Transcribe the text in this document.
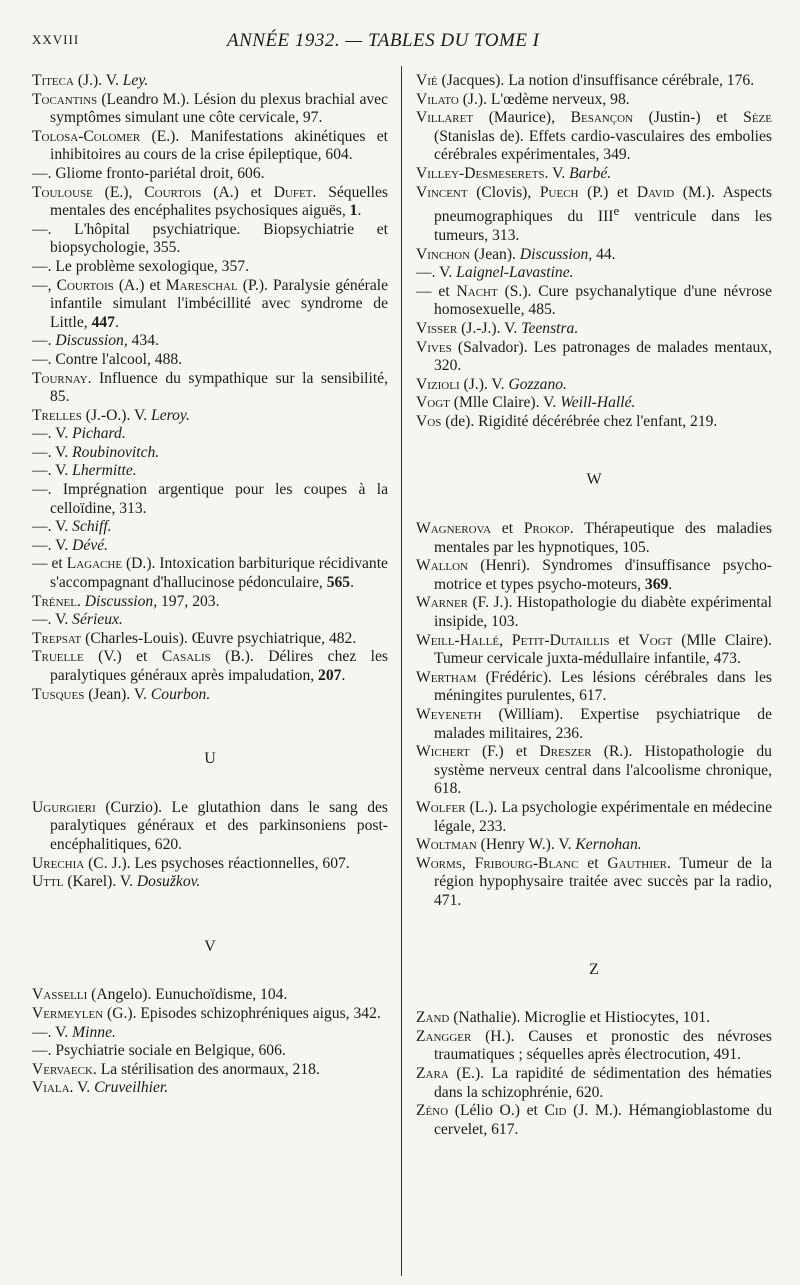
XXVIII	ANNÉE 1932. — TABLES DU TOME I

Titeca (J.). V. Ley.

Tocantins (Leandro M.). Lésion du plexus brachial avec symptômes simulant une côte cervicale, 97.

Tolosa-Colomer (E.). Manifestations akinétiques et inhibitoires au cours de la crise épileptique, 604.

—. Gliome fronto-pariétal droit, 606.

Toulouse (E.), Courtois (A.) et Dufet. Séquelles mentales des encéphalites psychosiques aiguës, 1.

—. L'hôpital psychiatrique. Biopsychiatrie et biopsychologie, 355.

—. Le problème sexologique, 357.

—, Courtois (A.) et Mareschal (P.). Paralysie générale infantile simulant l'imbécillité avec syndrome de Little, 447.

—. Discussion, 434.

—. Contre l'alcool, 488.

Tournay. Influence du sympathique sur la sensibilité, 85.

Trelles (J.-O.). V. Leroy.

—. V. Pichard.

—. V. Roubinovitch.

—. V. Lhermitte.

—. Imprégnation argentique pour les coupes à la celloïdine, 313.

—. V. Schiff.

—. V. Dévé.

— et Lagache (D.). Intoxication barbiturique récidivante s'accompagnant d'hallucinose pédonculaire, 565.

Trénel. Discussion, 197, 203.

—. V. Sérieux.

Trepsat (Charles-Louis). Œuvre psychiatrique, 482.

Truelle (V.) et Casalis (B.). Délires chez les paralytiques généraux après impaludation, 207.

Tusques (Jean). V. Courbon.

U

Ugurgieri (Curzio). Le glutathion dans le sang des paralytiques généraux et des parkinsoniens post-encéphalitiques, 620.

Urechia (C. J.). Les psychoses réactionnelles, 607.

Uttl (Karel). V. Dosužkov.

V

Vasselli (Angelo). Eunuchoïdisme, 104.

Vermeylen (G.). Episodes schizophréniques aigus, 342.

—. V. Minne.

—. Psychiatrie sociale en Belgique, 606.

Vervaeck. La stérilisation des anormaux, 218.

Viala. V. Cruveilhier.

Vié (Jacques). La notion d'insuffisance cérébrale, 176.

Vilato (J.). L'œdème nerveux, 98.

Villaret (Maurice), Besançon (Justin-) et Sèze (Stanislas de). Effets cardio-vasculaires des embolies cérébrales expérimentales, 349.

Villey-Desmeserets. V. Barbé.

Vincent (Clovis), Puech (P.) et David (M.). Aspects pneumographiques du IIIe ventricule dans les tumeurs, 313.

Vinchon (Jean). Discussion, 44.

—. V. Laignel-Lavastine.

— et Nacht (S.). Cure psychanalytique d'une névrose homosexuelle, 485.

Visser (J.-J.). V. Teenstra.

Vives (Salvador). Les patronages de malades mentaux, 320.

Vizioli (J.). V. Gozzano.

Vogt (Mlle Claire). V. Weill-Hallé.

Vos (de). Rigidité décérébrée chez l'enfant, 219.

W

Wagnerova et Prokop. Thérapeutique des maladies mentales par les hypnotiques, 105.

Wallon (Henri). Syndromes d'insuffisance psycho-motrice et types psycho-moteurs, 369.

Warner (F. J.). Histopathologie du diabète expérimental insipide, 103.

Weill-Hallé, Petit-Dutaillis et Vogt (Mlle Claire). Tumeur cervicale juxta-médullaire infantile, 473.

Wertham (Frédéric). Les lésions cérébrales dans les méningites purulentes, 617.

Weyeneth (William). Expertise psychiatrique de malades militaires, 236.

Wichert (F.) et Dreszer (R.). Histopathologie du système nerveux central dans l'alcoolisme chronique, 618.

Wolfer (L.). La psychologie expérimentale en médecine légale, 233.

Woltman (Henry W.). V. Kernohan.

Worms, Fribourg-Blanc et Gauthier. Tumeur de la région hypophysaire traitée avec succès par la radio, 471.

Z

Zand (Nathalie). Microglie et Histiocytes, 101.

Zangger (H.). Causes et pronostic des névroses traumatiques ; séquelles après électrocution, 491.

Zara (E.). La rapidité de sédimentation des hématies dans la schizophrénie, 620.

Zéno (Lélio O.) et Cid (J. M.). Hémangioblastome du cervelet, 617.
